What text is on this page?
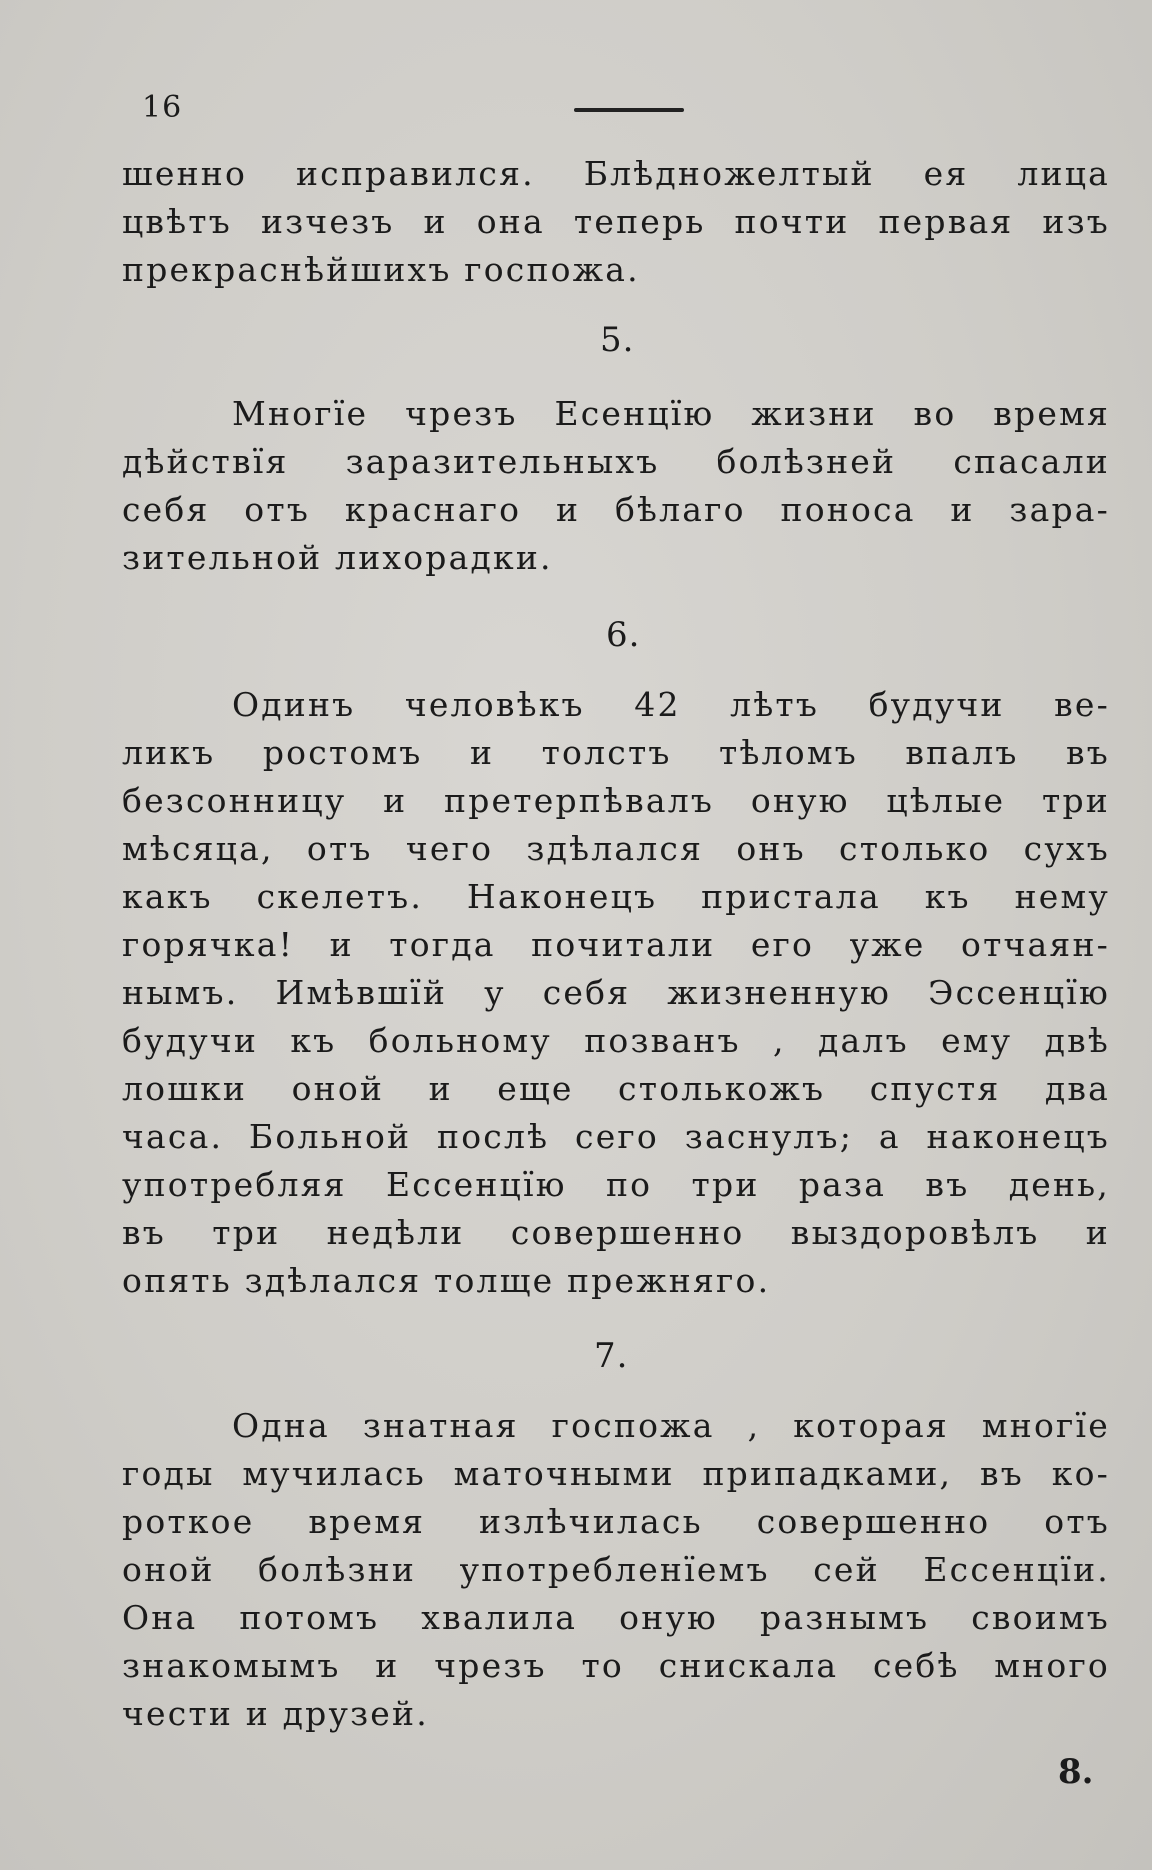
16
шенно исправился. Блѣдножелтый ея лица
цвѣтъ изчезъ и она теперь почти первая изъ
прекраснѣйшихъ госпожа.
5.
Многïе чрезъ Есенцïю жизни во время
дѣйствïя заразительныхъ болѣзней спасали
себя отъ краснаго и бѣлаго поноса и зара-
зительной лихорадки.
6.
Одинъ человѣкъ 42 лѣтъ будучи ве-
ликъ ростомъ и толстъ тѣломъ впалъ въ
безсонницу и претерпѣвалъ оную цѣлые три
мѣсяца, отъ чего здѣлался онъ столько сухъ
какъ скелетъ. Наконецъ пристала къ нему
горячка! и тогда почитали его уже отчаян-
нымъ. Имѣвшïй у себя жизненную Эссенцïю
будучи къ больному позванъ , далъ ему двѣ
лошки оной и еще столькожъ спустя два
часа. Больной послѣ сего заснулъ; а наконецъ
употребляя Ессенцïю по три раза въ день,
въ три недѣли совершенно выздоровѣлъ и
опять здѣлался толще прежняго.
7.
Одна знатная госпожа , которая многïе
годы мучилась маточными припадками, въ ко-
роткое время излѣчилась совершенно отъ
оной болѣзни употребленïемъ сей Ессенцïи.
Она потомъ хвалила оную разнымъ своимъ
знакомымъ и чрезъ то снискала себѣ много
чести и друзей.
8.
